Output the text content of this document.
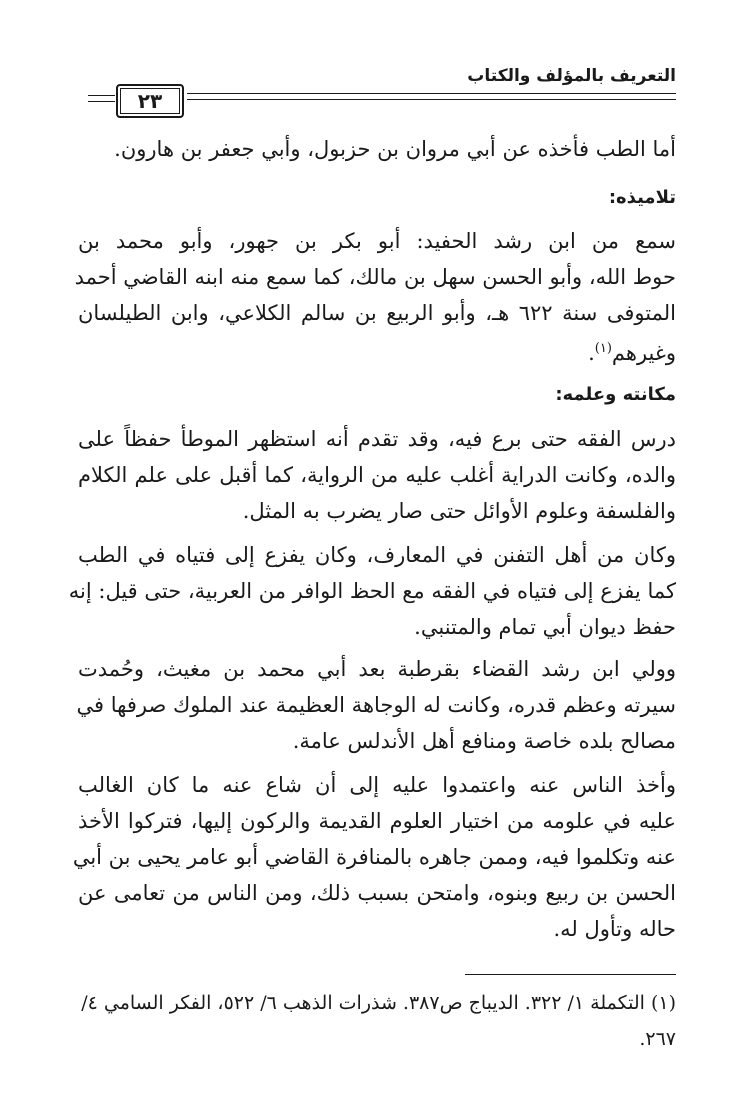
التعريف بالمؤلف والكتاب
٢٣
أما الطب فأخذه عن أبي مروان بن حزبول، وأبي جعفر بن هارون.
تلاميذه:
سمع من ابن رشد الحفيد: أبو بكر بن جهور، وأبو محمد بن
حوط الله، وأبو الحسن سهل بن مالك، كما سمع منه ابنه القاضي أحمد
المتوفى سنة ٦٢٢ هـ، وأبو الربيع بن سالم الكلاعي، وابن الطيلسان
وغيرهم$^{(١)}$.
مكانته وعلمه:
درس الفقه حتى برع فيه، وقد تقدم أنه استظهر الموطأ حفظاً على
والده، وكانت الدراية أغلب عليه من الرواية، كما أقبل على علم الكلام
والفلسفة وعلوم الأوائل حتى صار يضرب به المثل.
وكان من أهل التفنن في المعارف، وكان يفزع إلى فتياه في الطب
كما يفزع إلى فتياه في الفقه مع الحظ الوافر من العربية، حتى قيل: إنه
حفظ ديوان أبي تمام والمتنبي.
وولي ابن رشد القضاء بقرطبة بعد أبي محمد بن مغيث، وحُمدت
سيرته وعظم قدره، وكانت له الوجاهة العظيمة عند الملوك صرفها في
مصالح بلده خاصة ومنافع أهل الأندلس عامة.
وأخذ الناس عنه واعتمدوا عليه إلى أن شاع عنه ما كان الغالب
عليه في علومه من اختيار العلوم القديمة والركون إليها، فتركوا الأخذ
عنه وتكلموا فيه، وممن جاهره بالمنافرة القاضي أبو عامر يحيى بن أبي
الحسن بن ربيع وبنوه، وامتحن بسبب ذلك، ومن الناس من تعامى عن
حاله وتأول له.
(١) التكملة ١/ ٣٢٢. الديباج ص٣٨٧. شذرات الذهب ٦/ ٥٢٢، الفكر السامي ٤/
٢٦٧.
